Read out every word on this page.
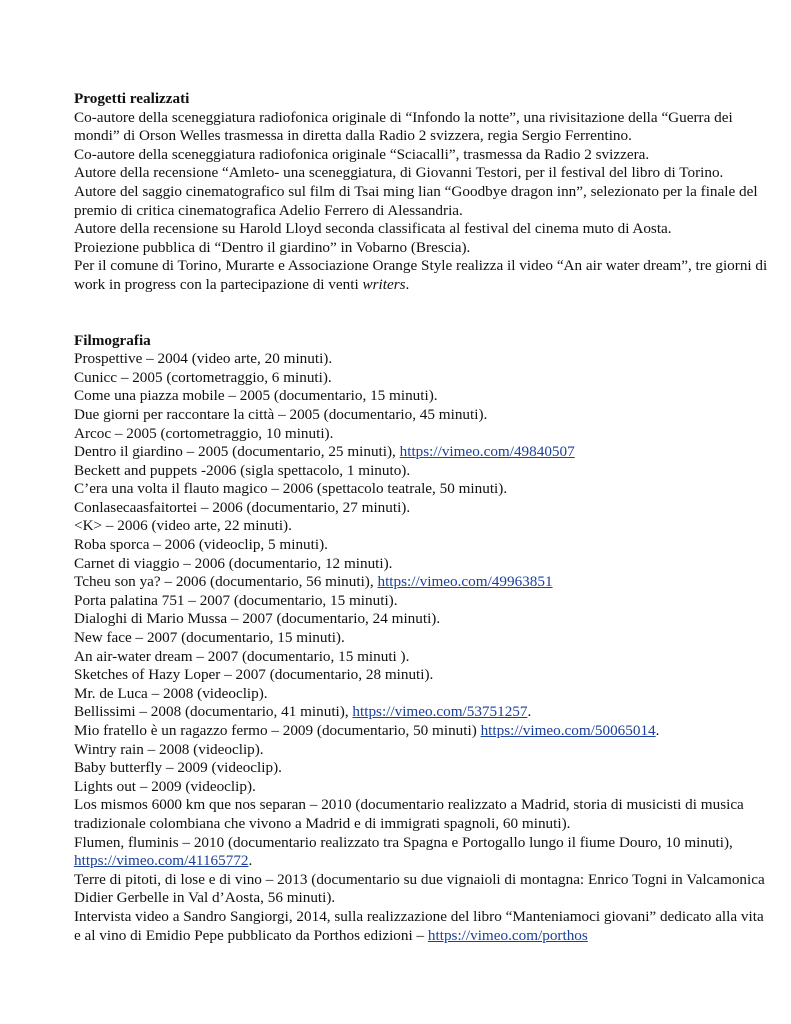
Progetti realizzati

Co-autore della sceneggiatura radiofonica originale di “Infondo la notte”, una rivisitazione della “Guerra dei mondi” di Orson Welles trasmessa in diretta dalla Radio 2 svizzera, regia Sergio Ferrentino.

Co-autore della sceneggiatura radiofonica originale “Sciacalli”, trasmessa da Radio 2 svizzera.

Autore della recensione “Amleto- una sceneggiatura, di Giovanni Testori, per il festival del libro di Torino.

Autore del saggio cinematografico sul film di Tsai ming lian “Goodbye dragon inn”, selezionato per la finale del premio di critica cinematografica Adelio Ferrero di Alessandria.

Autore della recensione su Harold Lloyd seconda classificata al festival del cinema muto di Aosta.

Proiezione pubblica di “Dentro il giardino” in Vobarno (Brescia).

Per il comune di Torino, Murarte e Associazione Orange Style realizza il video “An air water dream”, tre giorni di work in progress con la partecipazione di venti writers.

Filmografia

Prospettive – 2004 (video arte, 20 minuti).

Cunicc – 2005 (cortometraggio, 6 minuti).

Come una piazza mobile – 2005 (documentario, 15 minuti).

Due giorni per raccontare la città – 2005 (documentario, 45 minuti).

Arcoc – 2005 (cortometraggio, 10 minuti).

Dentro il giardino – 2005 (documentario, 25 minuti), https://vimeo.com/49840507

Beckett and puppets -2006 (sigla spettacolo, 1 minuto).

C’era una volta il flauto magico – 2006 (spettacolo teatrale, 50 minuti).

Conlasecaasfaitortei – 2006 (documentario, 27 minuti).

<K> – 2006 (video arte, 22 minuti).

Roba sporca – 2006 (videoclip, 5 minuti).

Carnet di viaggio – 2006 (documentario, 12 minuti).

Tcheu son ya? – 2006 (documentario, 56 minuti), https://vimeo.com/49963851

Porta palatina 751 – 2007 (documentario, 15 minuti).

Dialoghi di Mario Mussa – 2007 (documentario, 24 minuti).

New face – 2007 (documentario, 15 minuti).

An air-water dream – 2007 (documentario, 15 minuti ).

Sketches of Hazy Loper – 2007 (documentario, 28 minuti).

Mr. de Luca – 2008 (videoclip).

Bellissimi – 2008 (documentario, 41 minuti), https://vimeo.com/53751257.

Mio fratello è un ragazzo fermo – 2009 (documentario, 50 minuti) https://vimeo.com/50065014.

Wintry rain – 2008 (videoclip).

Baby butterfly – 2009 (videoclip).

Lights out – 2009 (videoclip).

Los mismos 6000 km que nos separan – 2010 (documentario realizzato a Madrid, storia di musicisti di musica tradizionale colombiana che vivono a Madrid e di immigrati spagnoli, 60 minuti).

Flumen, fluminis – 2010 (documentario realizzato tra Spagna e Portogallo lungo il fiume Douro, 10 minuti), https://vimeo.com/41165772.

Terre di pitoti, di lose e di vino – 2013 (documentario su due vignaioli di montagna: Enrico Togni in Valcamonica Didier Gerbelle in Val d’Aosta, 56 minuti).

Intervista video a Sandro Sangiorgi, 2014, sulla realizzazione del libro “Manteniamoci giovani” dedicato alla vita e al vino di Emidio Pepe pubblicato da Porthos edizioni – https://vimeo.com/porthos
